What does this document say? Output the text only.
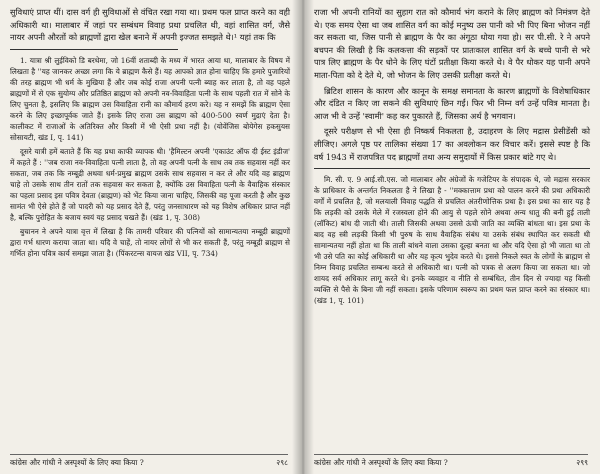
सुविधाएं प्राप्त थीं। दास वर्ग ही सुविधाओं से वंचित रखा गया था। प्रथम फल प्राप्त करने का वही अधिकारी था। मालाबार में जहां पर सम्बंधम विवाह प्रथा प्रचलित थी, वहां शासित वर्ग, जैसे नायर अपनी औरतों को ब्राह्मणों द्वारा खेल बनाने में अपनी इज्जत समझते थे।¹ यहां तक कि

1. यात्रा श्री लुईविको डि बरथेमा, जो 16वीं शताब्दी के मध्य में भारत आया था, मालाबार के विषय में लिखता है ''यह जानकर अच्छा लगा कि ये ब्राह्मण कैसे हैं। यह आपको ज्ञात होना चाहिए कि हमारे पुजारियों की तरह ब्राह्मण भी धर्म के मुखिया हैं और जब कोई राजा अपनी पत्नी ब्याह कर लाता है, तो वह पहले ब्राह्मणों में से एक सुयोग्य और प्रतिष्ठित ब्राह्मण को अपनी नव-विवाहिता पत्नी के साथ पहली रात में सोने के लिए चुनता है, इसलिए कि ब्राह्मण उस विवाहिता रानी का कौमार्य हरण करे। यह न समझें कि ब्राह्मण ऐसा करने के लिए इच्छापूर्वक जाते हैं। इसके लिए राजा उस ब्राह्मण को 400-500 स्वर्ण मुद्राएं देता है। कालीकट में राजाओं के अतिरिक्त और किसी में भी ऐसी प्रथा नहीं है। (योवेंजिस बोयेगेस हकसुयस सोसायटी, खंड I, पृ. 141)

दूसरे यात्री हमें बताते हैं कि यह प्रथा काफी व्यापक थी। 'हैमिल्टन अपनी 'एकाउंट ऑफ दी ईस्ट इंडीज' में कहते हैं : ''जब राजा नव-विवाहिता पत्नी लाता है, तो वह अपनी पत्नी के साथ तब तक सहवास नहीं कर सकता, जब तक कि नम्बूद्री अथवा धर्म-प्रमुख ब्राह्मण उसके साथ सहवास न कर ले और यदि वह ब्राह्मण चाहे तो उसके साथ तीन रातों तक सहवास कर सकता है, क्योंकि उस विवाहिता पत्नी के वैवाहिक संस्कार का पहला प्रसाद इस पवित्र देवता (ब्राह्मण) को भेंट किया जाना चाहिए, जिसकी वह पूजा करती है और कुछ सामंत भी ऐसे होते हैं जो पादरी को यह प्रसाद देते हैं, परंतु जनसाधारण को यह विशेष अधिकार प्राप्त नहीं है, बल्कि पुरोहित के बजाय स्वयं यह प्रसाद चखते हैं। (खंड 1, पृ. 308)

बुचानन ने अपने यात्रा वृत्त में लिखा है कि तामरी परिवार की पत्नियों को सामान्यतया नम्बूद्री ब्राह्मणों द्वारा गर्भ धारण कराया जाता था। यदि वे चाहें, तो नायर लोगों से भी कर सकती हैं, परंतु नम्बूद्री ब्राह्मण से गर्भित होना पवित्र कार्य समझा जाता है। (पिंकरटन्‍स वायज खंड VII, पृ. 734)

कांग्रेस और गांधी ने अस्पृश्यों के लिए क्या किया ?	२९८

राजा भी अपनी रानियों का सुहाग रात को कौमार्य भंग कराने के लिए ब्राह्मण को निमंत्रण देते थे। एक समय ऐसा था जब शासित वर्ग का कोई मनुष्य उस पानी को भी पिए बिना भोजन नहीं कर सकता था, जिस पानी से ब्राह्मण के पैर का अंगूठा धोया गया हो। सर पी.सी. रे ने अपने बचपन की लिखी है कि कलकत्ता की सड़कों पर प्रातःकाल शासित वर्ग के बच्चे पानी से भरे पात्र लिए ब्राह्मण के पैर धोने के लिए घंटों प्रतीक्षा किया करते थे। वे पैर धोकर यह पानी अपने माता-पिता को दे देते थे, जो भोजन के लिए उसकी प्रतीक्षा करते थे।

ब्रिटिश शासन के कारण और कानून के समक्ष समानता के कारण ब्राह्मणों के विशेषाधिकार और दंडित न किए जा सकने की सुविधाएं छिन गईं। फिर भी निम्न वर्ग उन्हें पवित्र मानता है। आज भी वे उन्हें 'स्वामी' कह कर पुकारते हैं, जिसका अर्थ है भगवान।

दूसरे परीक्षण से भी ऐसा ही निष्कर्ष निकलता है, उदाहरण के लिए मद्रास प्रेसीडेंसी को लीजिए। अगले पृष्ठ पर तालिका संख्या 17 का अवलोकन कर विचार करें। इससे स्पष्ट है कि वर्ष 1943 में राजपत्रित पद ब्राह्मणों तथा अन्य समुदायों में किस प्रकार बांटे गए थे।

मि. सी. ए. 9 आई.सी.एस. जो मालाबार और अंग्रेजों के गजेटियर के संपादक थे, जो मद्रास सरकार के प्राधिकार के अन्तर्गत निकलता है ने लिखा है - ''मक्कात्ताम प्रथा को पालन करने की प्रथा अधिकारी वर्गों में प्रचलित है, जो मलयाली विवाह पद्धति से प्रचलित अंतरीणोत्तिक प्रथा है। इस प्रथा का सार यह है कि लड़की को उसके मेले में रजस्वला होने की आयु से पहले सोने अथवा अन्य धातु की बनी हुई ताली (लॉकिट) बांध दी जाती थी। ताली जिसकी अथवा उससे ऊंची जाति का व्यक्ति बांधता था। इस प्रथा के बाद वह स्त्री लड़की किसी भी पुरुष के साथ वैवाहिक संबंध या उसके संबंध स्थापित कर सकती थी सामान्यतया नहीं होता था कि ताली बांधने वाला उसका दूल्हा बनता था और यदि ऐसा हो भी जाता था तो भी उसे पति का कोई अधिकारी था और यह कृत्य भुदेव करते थे। इससे निकले स्वत के लोगों के ब्राह्मण से निम्न विवाह प्रचलित सम्बन्ध करते से अधिकारी था। पत्नी को पत्रक से अलग किया जा सकता था। जो शायद सर्व अधिकार लागू करते थे। इनके व्यवहार व नीति से सम्बंधित, तीन दिन से ज्यादा यह किसी व्यक्ति से पैसे के बिना जी नहीं सकता। इसके परिणाम स्वरूप का प्रथम फल प्राप्त करने का संस्कार था। (खंड 1, पृ. 101)

कांग्रेस और गांधी ने अस्पृश्यों के लिए क्या किया ?	२९९
